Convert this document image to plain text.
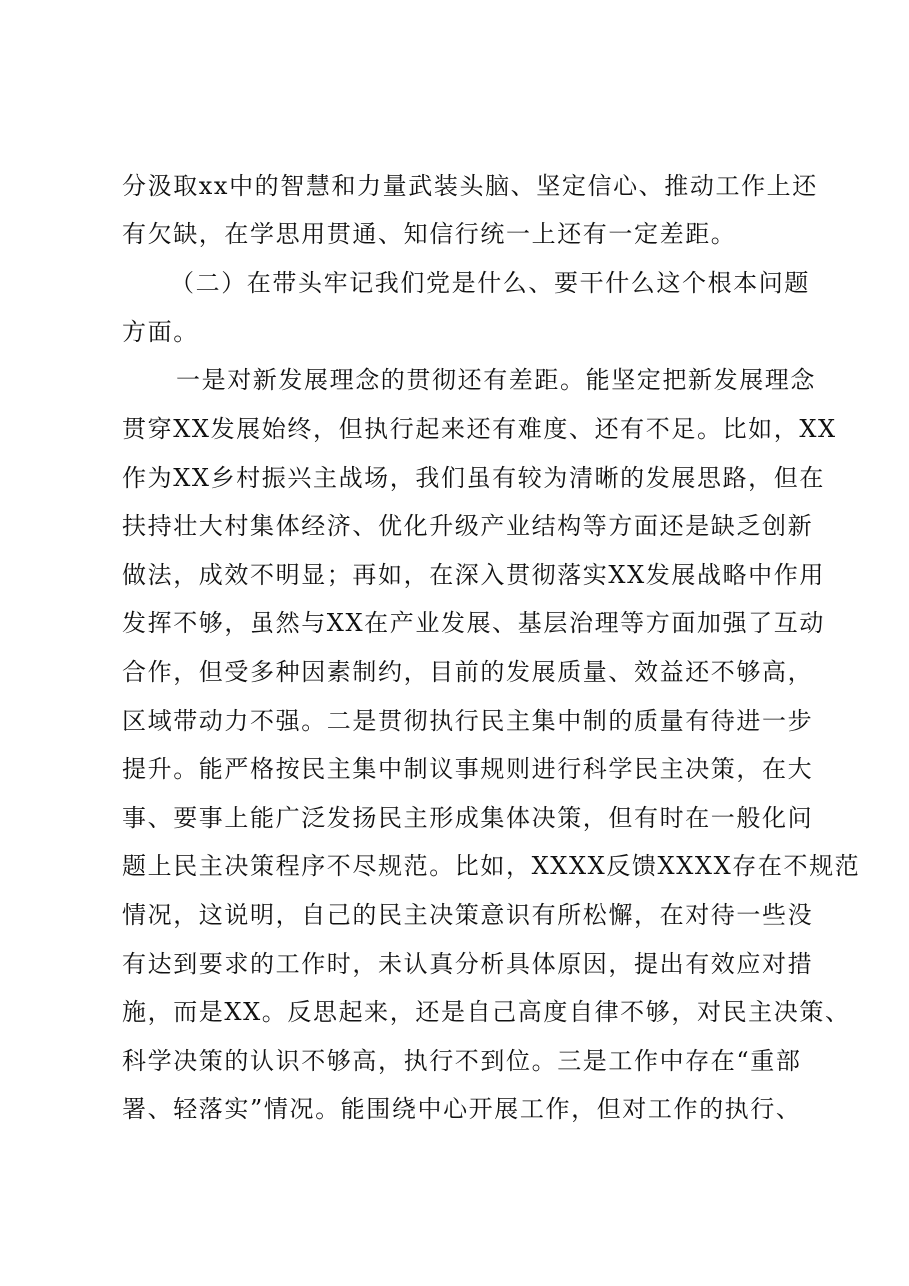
分汲取xx中的智慧和力量武装头脑、坚定信心、推动工作上还
有欠缺，在学思用贯通、知信行统一上还有一定差距。
（二）在带头牢记我们党是什么、要干什么这个根本问题
方面。
一是对新发展理念的贯彻还有差距。能坚定把新发展理念
贯穿XX发展始终，但执行起来还有难度、还有不足。比如，XX
作为XX乡村振兴主战场，我们虽有较为清晰的发展思路，但在
扶持壮大村集体经济、优化升级产业结构等方面还是缺乏创新
做法，成效不明显；再如，在深入贯彻落实XX发展战略中作用
发挥不够，虽然与XX在产业发展、基层治理等方面加强了互动
合作，但受多种因素制约，目前的发展质量、效益还不够高，
区域带动力不强。二是贯彻执行民主集中制的质量有待进一步
提升。能严格按民主集中制议事规则进行科学民主决策，在大
事、要事上能广泛发扬民主形成集体决策，但有时在一般化问
题上民主决策程序不尽规范。比如，XXXX反馈XXXX存在不规范
情况，这说明，自己的民主决策意识有所松懈，在对待一些没
有达到要求的工作时，未认真分析具体原因，提出有效应对措
施，而是XX。反思起来，还是自己高度自律不够，对民主决策、
科学决策的认识不够高，执行不到位。三是工作中存在“重部
署、轻落实”情况。能围绕中心开展工作，但对工作的执行、
